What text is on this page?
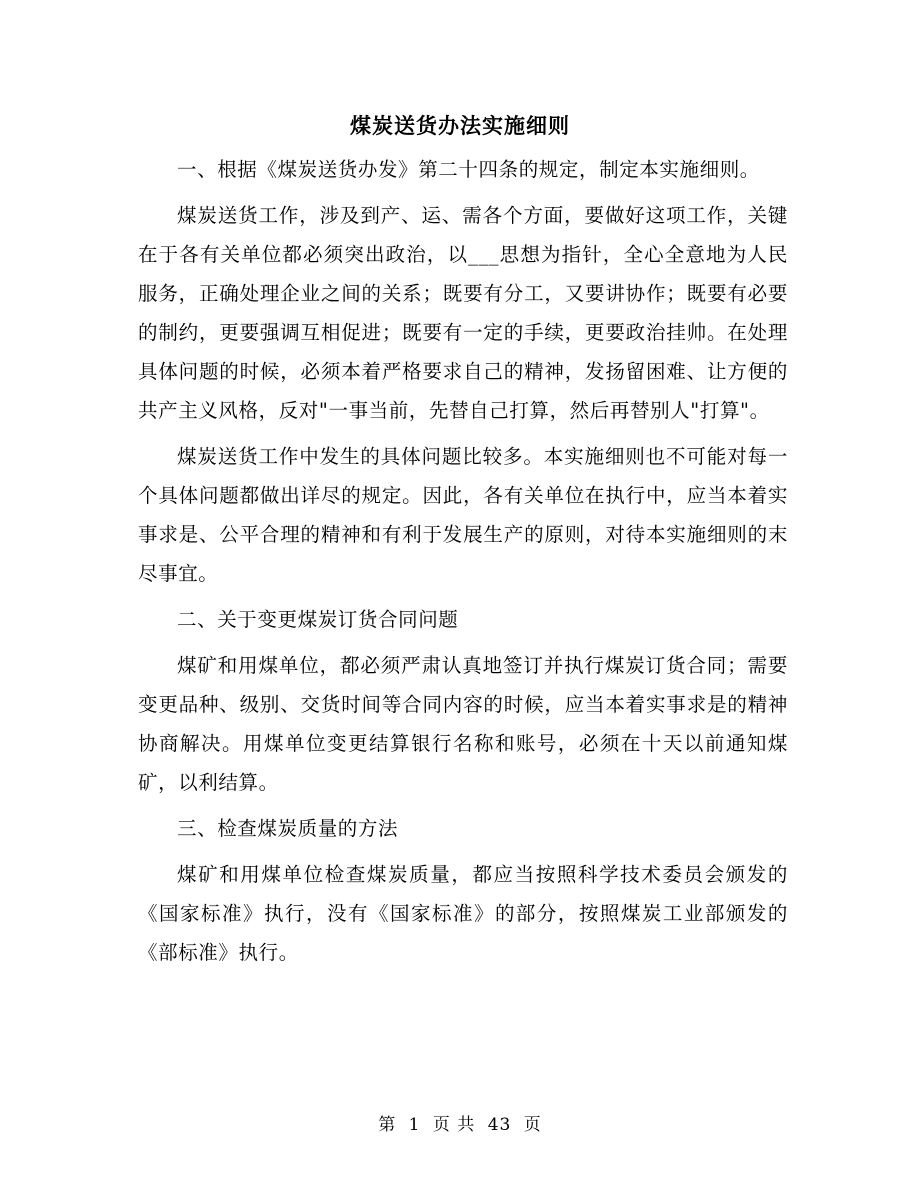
煤炭送货办法实施细则

一、根据《煤炭送货办发》第二十四条的规定，制定本实施细则。

煤炭送货工作，涉及到产、运、需各个方面，要做好这项工作，关键在于各有关单位都必须突出政治，以___思想为指针，全心全意地为人民服务，正确处理企业之间的关系；既要有分工，又要讲协作；既要有必要的制约，更要强调互相促进；既要有一定的手续，更要政治挂帅。在处理具体问题的时候，必须本着严格要求自己的精神，发扬留困难、让方便的共产主义风格，反对"一事当前，先替自己打算，然后再替别人"打算"。

煤炭送货工作中发生的具体问题比较多。本实施细则也不可能对每一个具体问题都做出详尽的规定。因此，各有关单位在执行中，应当本着实事求是、公平合理的精神和有利于发展生产的原则，对待本实施细则的末尽事宜。

二、关于变更煤炭订货合同问题

煤矿和用煤单位，都必须严肃认真地签订并执行煤炭订货合同；需要变更品种、级别、交货时间等合同内容的时候，应当本着实事求是的精神协商解决。用煤单位变更结算银行名称和账号，必须在十天以前通知煤矿，以利结算。

三、检查煤炭质量的方法

煤矿和用煤单位检查煤炭质量，都应当按照科学技术委员会颁发的《国家标准》执行，没有《国家标准》的部分，按照煤炭工业部颁发的《部标准》执行。

第 1 页 共 43 页
